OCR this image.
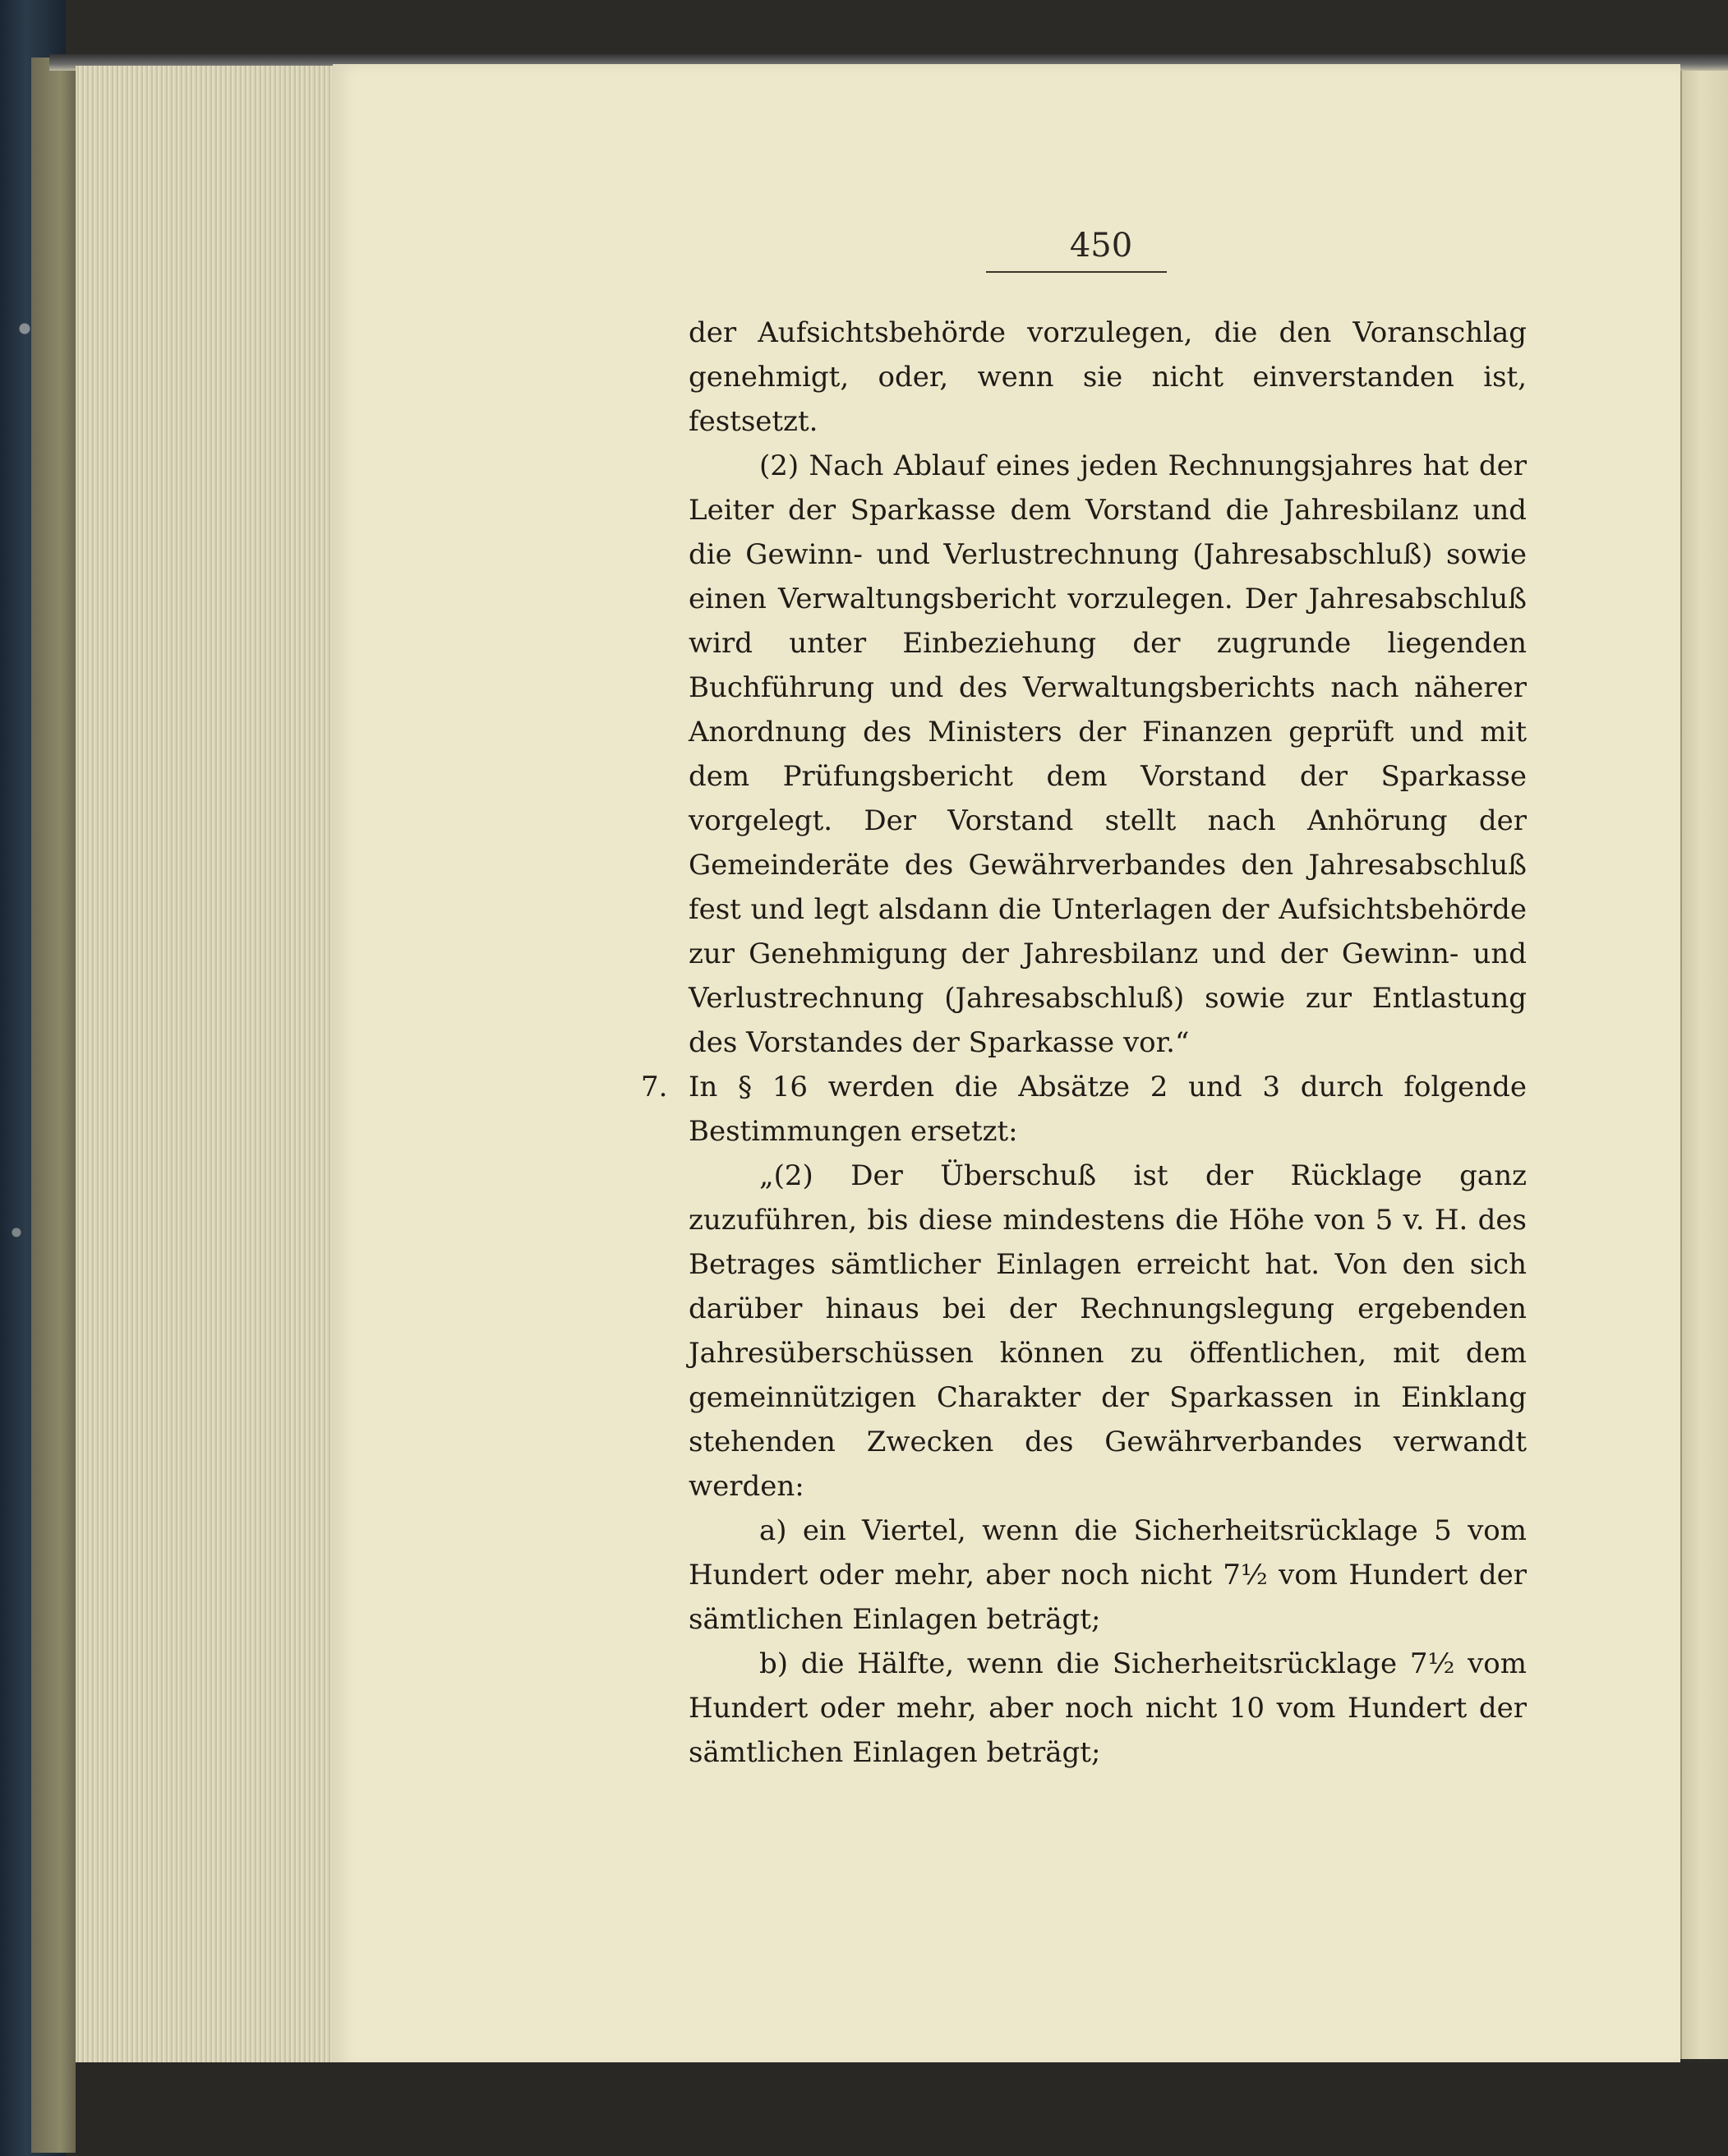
450

der Aufsichtsbehörde vorzulegen, die den Voranschlag genehmigt, oder, wenn sie nicht einverstanden ist, festsetzt.

(2) Nach Ablauf eines jeden Rechnungsjahres hat der Leiter der Sparkasse dem Vorstand die Jahresbilanz und die Gewinn- und Verlustrechnung (Jahresabschluß) sowie einen Verwaltungsbericht vorzulegen. Der Jahresabschluß wird unter Einbeziehung der zugrunde liegenden Buchführung und des Verwaltungsberichts nach näherer Anordnung des Ministers der Finanzen geprüft und mit dem Prüfungsbericht dem Vorstand der Sparkasse vorgelegt. Der Vorstand stellt nach Anhörung der Gemeinderäte des Gewährverbandes den Jahresabschluß fest und legt alsdann die Unterlagen der Aufsichtsbehörde zur Genehmigung der Jahresbilanz und der Gewinn- und Verlustrechnung (Jahresabschluß) sowie zur Entlastung des Vorstandes der Sparkasse vor.“

7. In § 16 werden die Absätze 2 und 3 durch folgende Bestimmungen ersetzt:

„(2) Der Überschuß ist der Rücklage ganz zuzuführen, bis diese mindestens die Höhe von 5 v. H. des Betrages sämtlicher Einlagen erreicht hat. Von den sich darüber hinaus bei der Rechnungslegung ergebenden Jahresüberschüssen können zu öffentlichen, mit dem gemeinnützigen Charakter der Sparkassen in Einklang stehenden Zwecken des Gewährverbandes verwandt werden:

a) ein Viertel, wenn die Sicherheitsrücklage 5 vom Hundert oder mehr, aber noch nicht 7½ vom Hundert der sämtlichen Einlagen beträgt;

b) die Hälfte, wenn die Sicherheitsrücklage 7½ vom Hundert oder mehr, aber noch nicht 10 vom Hundert der sämtlichen Einlagen beträgt;
